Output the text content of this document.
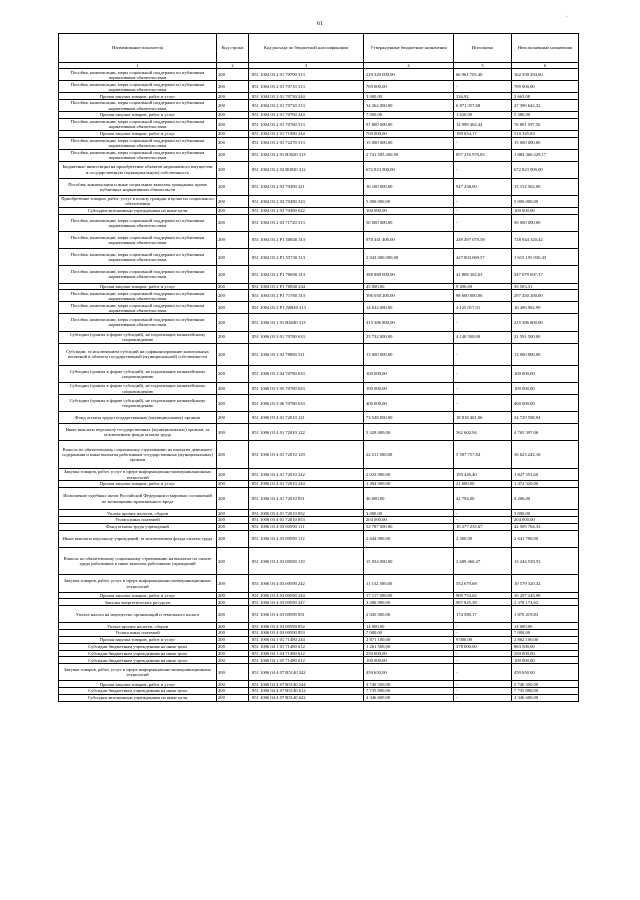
61
·
Наименование показателя	Код строки	Код расхода по бюджетной классификации	Утвержденные бюджетные назначения	Исполнено	Неисполненные назначения
1	2	3	4	5	6
Пособия, компенсации, меры социальной поддержки по публичным нормативным обязательствам	200	851 1004 03 2 01 70700 313	229 320 000,00	66 961 705,40	162 358 294,60
Пособия, компенсации, меры социальной поддержки по публичным нормативным обязательствам	200	851 1004 03 2 01 70710 313	709 000,00	-	709 000,00
Прочая закупка товаров, работ и услуг	200	851 1004 03 2 01 70730 244	3 000,00	336,92	2 663,08
Пособия, компенсации, меры социальной поддержки по публичным нормативным обязательствам	200	851 1004 03 2 01 70730 313	34 262 000,00	6 871 357,68	27 390 642,32
Прочая закупка товаров, работ и услуг	200	851 1004 03 2 01 70760 244	7 000,00	1 620,00	5 380,00
Пособия, компенсации, меры социальной поддержки по публичным нормативным обязательствам	200	851 1004 03 2 01 70760 313	91 800 000,00	14 998 402,44	76 801 597,56
Прочая закупка товаров, работ и услуг	200	851 1004 03 2 01 71980 244	700 000,00	189 654,17	510 345,83
Пособия, компенсации, меры социальной поддержки по публичным нормативным обязательствам	200	851 1004 03 2 01 72270 313	15 000 000,00	-	15 000 000,00
Пособия, компенсации, меры социальной поддержки по публичным нормативным обязательствам	200	851 1004 03 2 01 R3020 313	2 741 583 200,00	857 216 970,83	1 884 366 229,17
Бюджетные инвестиции на приобретение объектов недвижимого имущества в государственную (муниципальную) собственность	200	851 1004 03 2 02 R0820 412	672 823 900,00	-	672 823 900,00
Пособия, компенсации и иные социальные выплаты гражданам, кроме публичных нормативных обязательств	200	851 1004 03 2 03 70490 321	16 100 000,00	947 438,00	15 152 562,00
Приобретение товаров, работ, услуг в пользу граждан в целях их социального обеспечения	200	851 1004 03 2 03 70490 323	5 000 000,00	-	5 000 000,00
Субсидии автономным учреждениям на иные цели	200	851 1004 03 2 03 70490 622	100 000,00	-	100 000,00
Пособия, компенсации, меры социальной поддержки по публичным нормативным обязательствам	200	851 1004 03 2 03 71720 313	50 000 000,00	-	50 000 000,00
Пособия, компенсации, меры социальной поддержки по публичным нормативным обязательствам	200	851 1004 03 2 P1 50840 313	978 441 400,00	249 497 079,58	728 944 320,42
Пособия, компенсации, меры социальной поддержки по публичным нормативным обязательствам	200	851 1004 03 2 P1 55730 313	2 043 000 000,00	427 804 069,57	1 615 195 930,43
Пособия, компенсации, меры социальной поддержки по публичным нормативным обязательствам	200	851 1004 03 2 P1 70690 313	388 888 000,00	41 808 302,63	347 079 697,37
Прочая закупка товаров, работ и услуг	200	851 1004 03 2 P1 70840 244	45 000,00	9 496,69	35 503,31
Пособия, компенсации, меры социальной поддержки по публичным нормативным обязательствам	200	851 1004 03 2 P1 71760 313	396 050 200,00	98 600 000,00	297 450 200,00
Пособия, компенсации, меры социальной поддержки по публичным нормативным обязательствам	200	851 1004 03 2 P1 Д0840 313	14 622 000,00	4 125 017,01	10 496 982,99
Пособия, компенсации, меры социальной поддержки по публичным нормативным обязательствам	200	851 1006 03 1 01 R4040 313	415 386 800,00	-	415 386 800,00
Субсидии (гранты в форме субсидий), не подлежащие казначейскому сопровождению	200	851 1006 03 3 01 70780 633	25 732 000,00	4 140 500,00	21 591 500,00
Субсидии, за исключением субсидий на софинансирование капитальных вложений в объекты государственной (муниципальной) собственности	200	851 1006 03 3 02 78890 521	13 000 000,00	-	13 000 000,00
Субсидии (гранты в форме субсидий), не подлежащие казначейскому сопровождению	200	851 1006 03 3 04 70780 633	100 000,00	-	100 000,00
Субсидии (гранты в форме субсидий), не подлежащие казначейскому сопровождению	200	851 1006 03 3 05 70780 633	100 000,00	-	100 000,00
Субсидии (гранты в форме субсидий), не подлежащие казначейскому сопровождению	200	851 1006 03 3 06 70780 633	400 000,00	-	400 000,00
Фонд оплаты труда государственных (муниципальных) органов	200	851 1006 03 4 01 72010 121	73 548 000,00	18 818 401,06	54 729 598,94
Иные выплаты персоналу государственных (муниципальных) органов, за исключением фонда оплаты труда	200	851 1006 03 4 01 72010 122	5 328 000,00	562 602,94	4 765 397,06
Взносы по обязательному социальному страхованию на выплаты денежного содержания и иные выплаты работникам государственных (муниципальных) органов	200	851 1006 03 4 01 72010 129	22 211 000,00	5 587 757,84	16 623 242,16
Закупка товаров, работ, услуг в сфере информационно-коммуникационных технологий	200	851 1006 03 4 01 72010 242	2 023 000,00	195 446,40	1 827 553,60
Прочая закупка товаров, работ и услуг	200	851 1006 03 4 01 72010 244	1 494 000,00	21 680,00	1 472 320,00
Исполнение судебных актов Российской Федерации и мировых соглашений по возмещению причиненного вреда	200	851 1006 03 4 01 72010 831	46 000,00	42 794,00	3 206,00
Уплата прочих налогов, сборов	200	851 1006 03 4 01 72010 852	3 000,00	-	3 000,00
Уплата иных платежей	200	851 1006 03 4 01 72010 853	204 000,00	-	204 000,00
Фонд оплаты труда учреждений	200	851 1006 03 4 03 00590 111	52 787 000,00	10 277 235,67	42 509 764,33
Иные выплаты персоналу учреждений, за исключением фонда оплаты труда	200	851 1006 03 4 03 00590 112	2 644 000,00	2 300,00	2 641 700,00
Взносы по обязательному социальному страхованию на выплаты по оплате труда работников и иные выплаты работникам учреждений	200	851 1006 03 4 03 00590 119	15 934 000,00	2 689 460,47	13 244 539,53
Закупка товаров, работ, услуг в сфере информационно-коммуникационных технологий	200	851 1006 03 4 03 00590 242	11 132 000,00	552 679,68	10 579 320,32
Прочая закупка товаров, работ и услуг	200	851 1006 03 4 03 00590 244	17 117 000,00	909 754,02	16 207 245,98
Закупка энергетических ресурсов	200	851 1006 03 4 03 00590 247	3 286 000,00	907 825,38	2 378 174,62
Уплата налога на имущество организаций и земельного налога	200	851 1006 03 4 03 00590 851	2 045 000,00	174 580,17	1 870 419,83
Уплата прочих налогов, сборов	200	851 1006 03 4 03 00590 852	14 000,00	-	14 000,00
Уплата иных платежей	200	851 1006 03 4 03 00590 853	7 000,00	-	7 000,00
Прочая закупка товаров, работ и услуг	200	851 1006 04 1 01 71480 244	2 871 100,00	9 000,00	2 862 100,00
Субсидии бюджетным учреждениям на иные цели	200	851 1006 04 1 01 71480 612	1 261 500,00	378 000,00	883 500,00
Субсидии бюджетным учреждениям на иные цели	200	851 1006 04 1 04 71480 612	250 000,00	-	250 000,00
Субсидии бюджетным учреждениям на иные цели	200	851 1006 04 1 05 71480 612	100 000,00	-	100 000,00
Закупка товаров, работ, услуг в сфере информационно-коммуникационных технологий	200	851 1006 04 4 07 R5140 242	459 650,00	-	459 650,00
Прочая закупка товаров, работ и услуг	200	851 1006 04 4 07 R5140 244	3 740 350,00	-	3 740 350,00
Субсидии бюджетным учреждениям на иные цели	200	851 1006 04 4 07 R5140 612	7 735 800,00	-	7 735 800,00
Субсидии автономным учреждениям на иные цели	200	851 1006 04 4 07 R5140 622	4 346 600,00	-	4 346 600,00
